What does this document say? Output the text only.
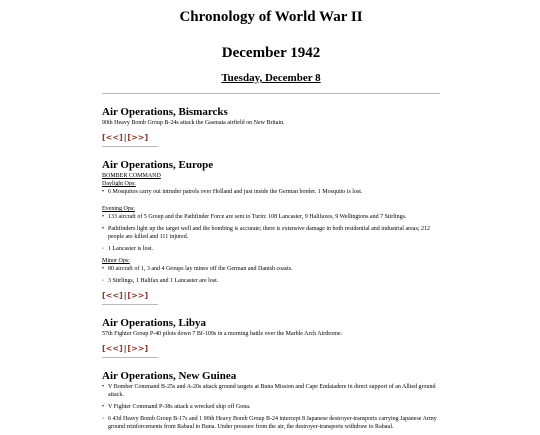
Chronology of World War II
December 1942
Tuesday, December 8
Air Operations, Bismarcks

90th Heavy Bomb Group B-24s attack the Gasmata airfield on New Britain.

[<<]|[>>]
Air Operations, Europe

BOMBER COMMAND

Daylight Ops:

• 6 Mosquitos carry out intruder patrols over Holland and just inside the German border. 1 Mosquito is lost.

Evening Ops:

• 133 aircraft of 5 Group and the Pathfinder Force are sent to Turin: 108 Lancaster, 9 Halifaxes, 9 Wellingtons and 7 Stirlings.
• Pathfinders light up the target well and the bombing is accurate; there is extensive damage in both residential and industrial areas; 212 people are killed and 111 injured.
◦ 1 Lancaster is lost.

Minor Ops:

• 80 aircraft of 1, 3 and 4 Groups lay mines off the German and Danish coasts.
◦ 3 Stirlings, 1 Halifax and 1 Lancaster are lost.
[<<]|[>>]
Air Operations, Libya

57th Fighter Group P-40 pilots down 7 Bf-109s in a morning battle over the Marble Arch Airdrome.

[<<]|[>>]
Air Operations, New Guinea
• V Bomber Command B-25s and A-20s attack ground targets at Buna Mission and Cape Endaiadere in direct support of an Allied ground attack.
• V Fighter Command P-38s attack a wrecked ship off Gona.
◦ 6 43d Heavy Bomb Group B-17s and 1 90th Heavy Bomb Group B-24 intercept 8 Japanese destroyer-transports carrying Japanese Army ground reinforcements from Rabaul to Buna. Under pressure from the air, the destroyer-transports withdraw to Rabaul.
